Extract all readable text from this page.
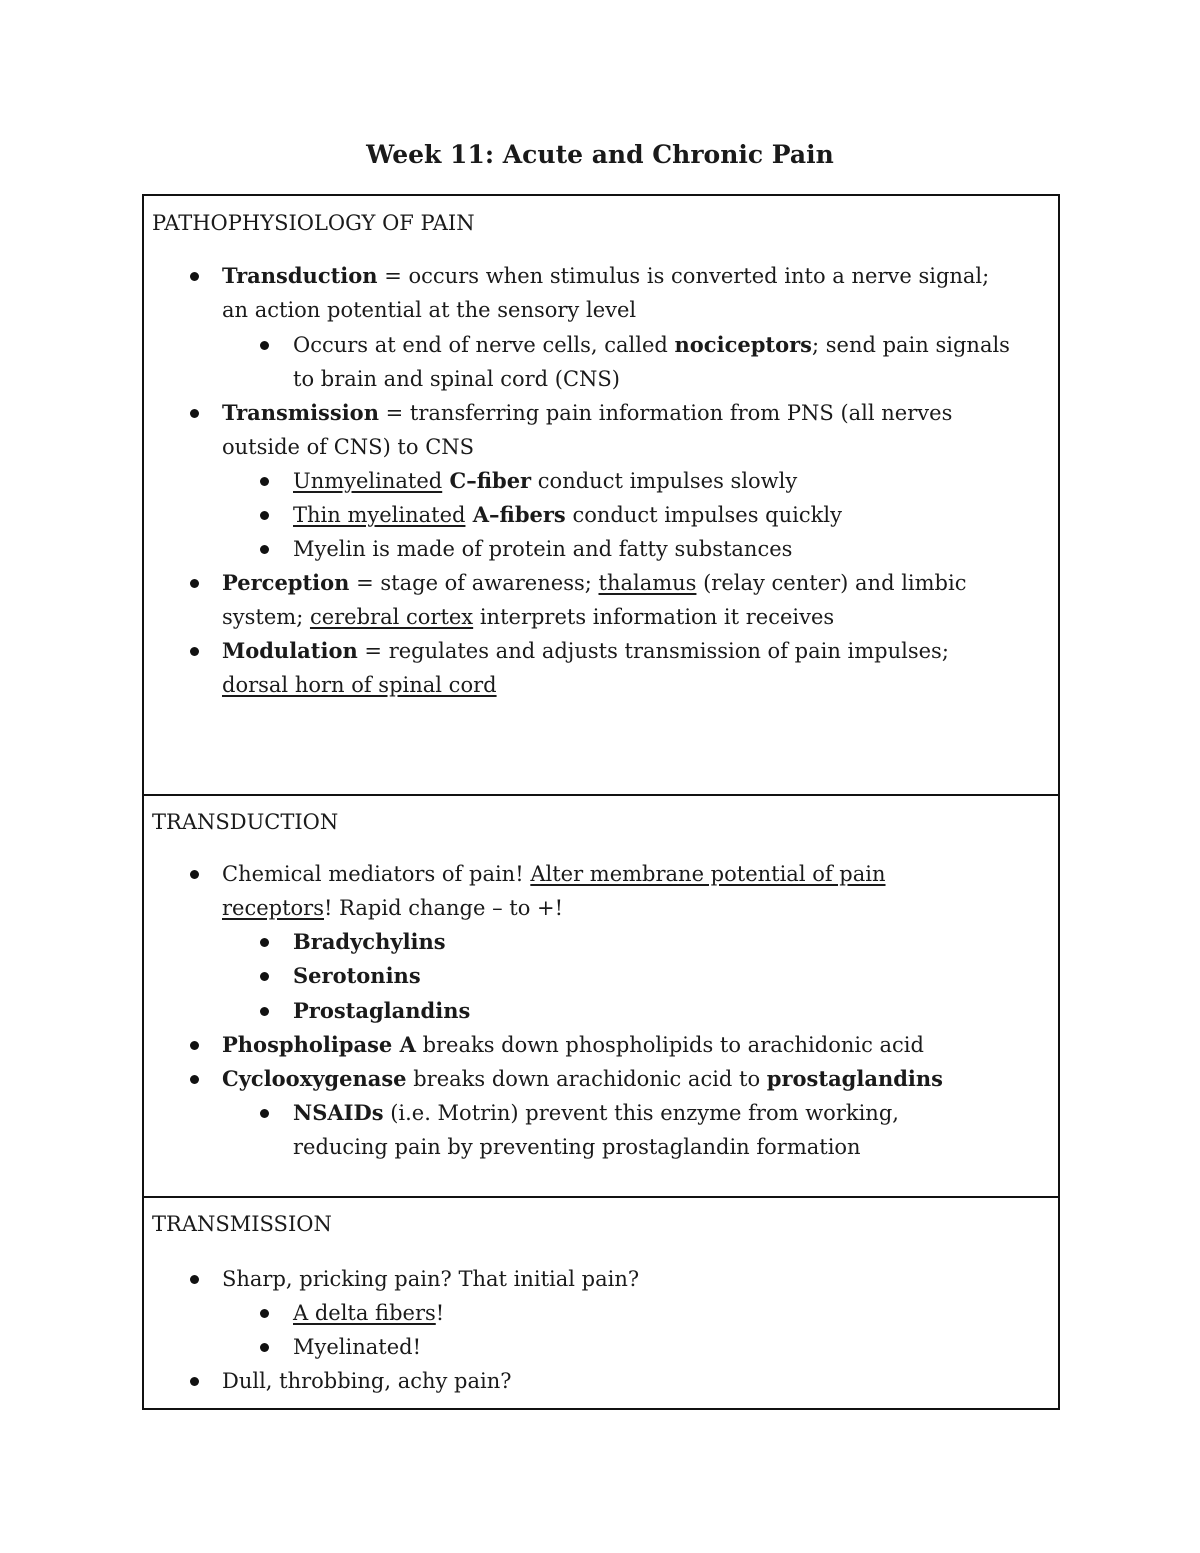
Week 11: Acute and Chronic Pain
PATHOPHYSIOLOGY OF PAIN
Transduction = occurs when stimulus is converted into a nerve signal;
an action potential at the sensory level
Occurs at end of nerve cells, called nociceptors; send pain signals
to brain and spinal cord (CNS)
Transmission = transferring pain information from PNS (all nerves
outside of CNS) to CNS
Unmyelinated C–fiber conduct impulses slowly
Thin myelinated A–fibers conduct impulses quickly
Myelin is made of protein and fatty substances
Perception = stage of awareness; thalamus (relay center) and limbic
system; cerebral cortex interprets information it receives
Modulation = regulates and adjusts transmission of pain impulses;
dorsal horn of spinal cord
TRANSDUCTION
Chemical mediators of pain! Alter membrane potential of pain
receptors! Rapid change – to +!
Bradychylins
Serotonins
Prostaglandins
Phospholipase A breaks down phospholipids to arachidonic acid
Cyclooxygenase breaks down arachidonic acid to prostaglandins
NSAIDs (i.e. Motrin) prevent this enzyme from working,
reducing pain by preventing prostaglandin formation
TRANSMISSION
Sharp, pricking pain? That initial pain?
A delta fibers!
Myelinated!
Dull, throbbing, achy pain?
